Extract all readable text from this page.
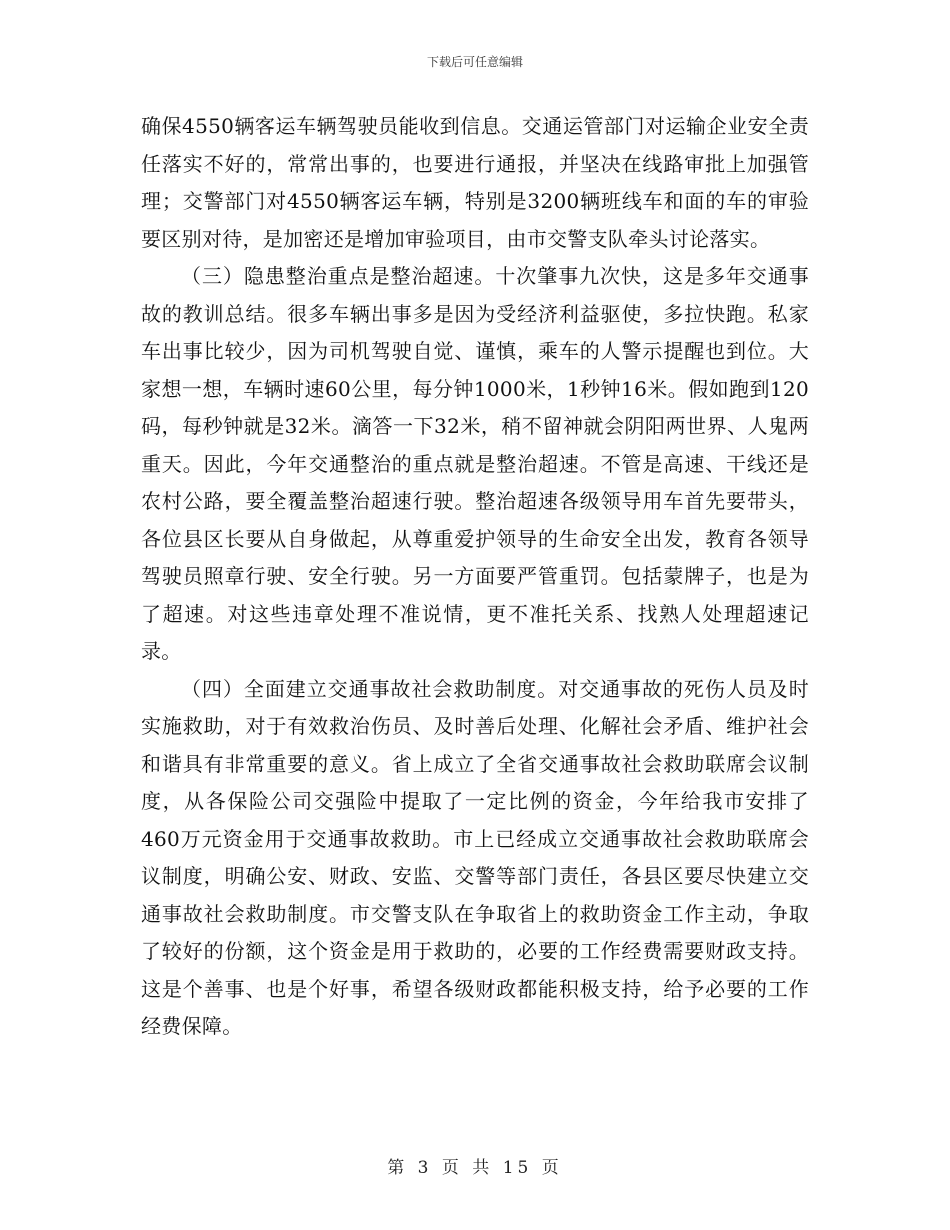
下载后可任意编辑

确保4550辆客运车辆驾驶员能收到信息。交通运管部门对运输企业安全责任落实不好的，常常出事的，也要进行通报，并坚决在线路审批上加强管理；交警部门对4550辆客运车辆，特别是3200辆班线车和面的车的审验要区别对待，是加密还是增加审验项目，由市交警支队牵头讨论落实。

（三）隐患整治重点是整治超速。十次肇事九次快，这是多年交通事故的教训总结。很多车辆出事多是因为受经济利益驱使，多拉快跑。私家车出事比较少，因为司机驾驶自觉、谨慎，乘车的人警示提醒也到位。大家想一想，车辆时速60公里，每分钟1000米，1秒钟16米。假如跑到120码，每秒钟就是32米。滴答一下32米，稍不留神就会阴阳两世界、人鬼两重天。因此，今年交通整治的重点就是整治超速。不管是高速、干线还是农村公路，要全覆盖整治超速行驶。整治超速各级领导用车首先要带头，各位县区长要从自身做起，从尊重爱护领导的生命安全出发，教育各领导驾驶员照章行驶、安全行驶。另一方面要严管重罚。包括蒙牌子，也是为了超速。对这些违章处理不准说情，更不准托关系、找熟人处理超速记录。

（四）全面建立交通事故社会救助制度。对交通事故的死伤人员及时实施救助，对于有效救治伤员、及时善后处理、化解社会矛盾、维护社会和谐具有非常重要的意义。省上成立了全省交通事故社会救助联席会议制度，从各保险公司交强险中提取了一定比例的资金，今年给我市安排了460万元资金用于交通事故救助。市上已经成立交通事故社会救助联席会议制度，明确公安、财政、安监、交警等部门责任，各县区要尽快建立交通事故社会救助制度。市交警支队在争取省上的救助资金工作主动，争取了较好的份额，这个资金是用于救助的，必要的工作经费需要财政支持。这是个善事、也是个好事，希望各级财政都能积极支持，给予必要的工作经费保障。

第 3 页 共 15 页
